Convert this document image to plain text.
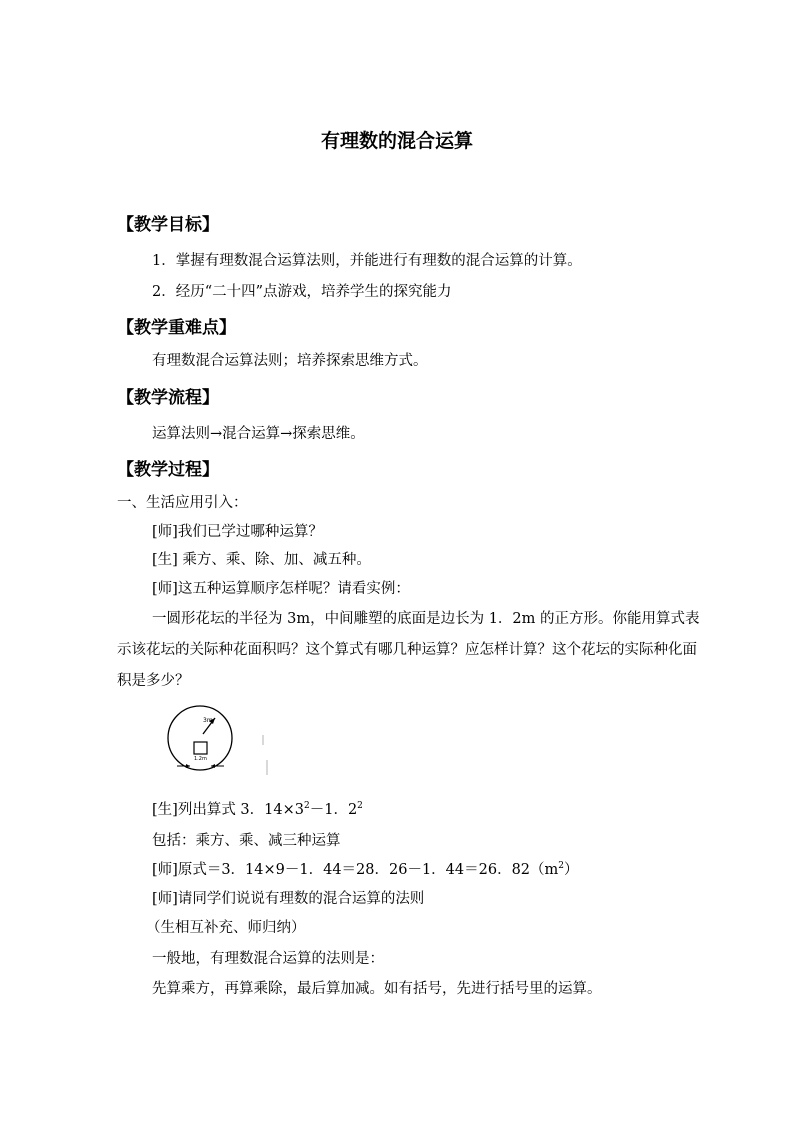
有理数的混合运算
【教学目标】
1．掌握有理数混合运算法则，并能进行有理数的混合运算的计算。
2．经历“二十四”点游戏，培养学生的探究能力
【教学重难点】
有理数混合运算法则；培养探索思维方式。
【教学流程】
运算法则→混合运算→探索思维。
【教学过程】
一、生活应用引入：
[师]我们已学过哪种运算？
[生] 乘方、乘、除、加、减五种。
[师]这五种运算顺序怎样呢？请看实例：
一圆形花坛的半径为 3m，中间雕塑的底面是边长为 1．2m 的正方形。你能用算式表示该花坛的关际种花面积吗？这个算式有哪几种运算？应怎样计算？这个花坛的实际种化面积是多少？
3m
1.2m
[生]列出算式 3．$14\times 3^2-1$．$2^2$
包括：乘方、乘、减三种运算
[师]原式＝3．14×9－1．44＝28．26－1．44＝26．$82(m^2)$
[师]请同学们说说有理数的混合运算的法则
（生相互补充、师归纳）
一般地，有理数混合运算的法则是：
先算乘方，再算乘除，最后算加减。如有括号，先进行括号里的运算。
